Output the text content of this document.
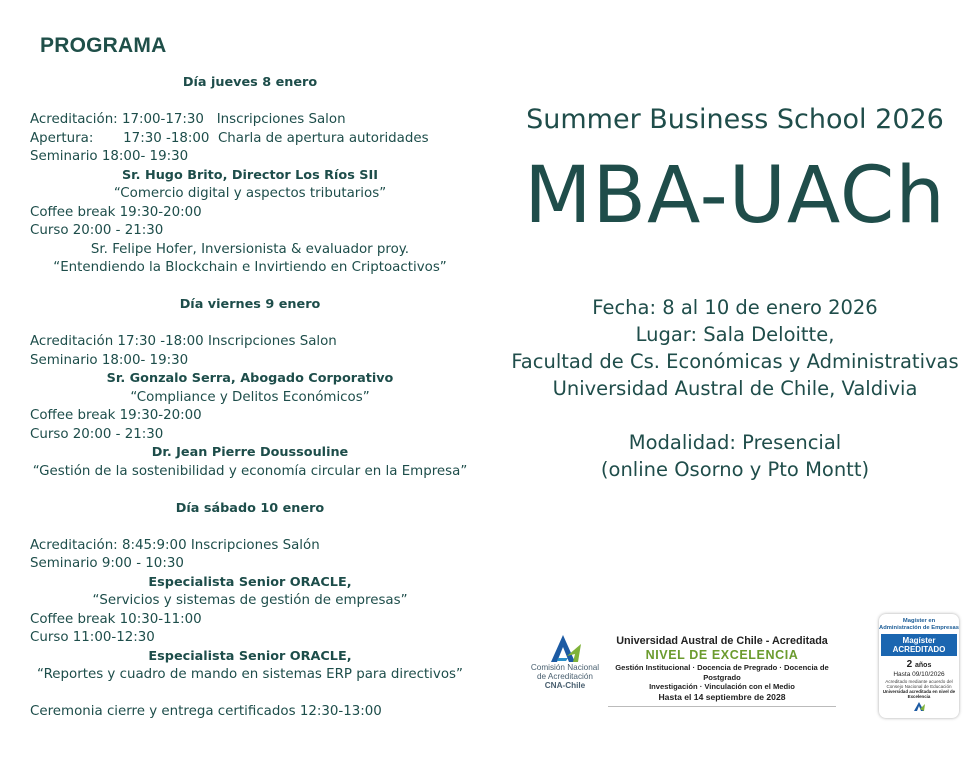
PROGRAMA
Día jueves 8 enero
Acreditación: 17:00-17:30   Inscripciones Salon
Apertura:       17:30 -18:00  Charla de apertura autoridades
Seminario 18:00- 19:30
Sr. Hugo Brito, Director Los Ríos SII
“Comercio digital y aspectos tributarios”
Coffee break 19:30-20:00
Curso 20:00 - 21:30
Sr. Felipe Hofer, Inversionista & evaluador proy.
“Entendiendo la Blockchain e Invirtiendo en Criptoactivos”
Día viernes 9 enero
Acreditación 17:30 -18:00 Inscripciones Salon
Seminario 18:00- 19:30
Sr. Gonzalo Serra, Abogado Corporativo
“Compliance y Delitos Económicos”
Coffee break 19:30-20:00
Curso 20:00 - 21:30
Dr. Jean Pierre Doussouline
“Gestión de la sostenibilidad y economía circular en la Empresa”
Día sábado 10 enero
Acreditación: 8:45:9:00 Inscripciones Salón
Seminario 9:00 - 10:30
Especialista Senior ORACLE,
“Servicios y sistemas de gestión de empresas”
Coffee break 10:30-11:00
Curso 11:00-12:30
Especialista Senior ORACLE,
“Reportes y cuadro de mando en sistemas ERP para directivos”
Ceremonia cierre y entrega certificados 12:30-13:00
Summer Business School 2026
MBA-UACh
Fecha: 8 al 10 de enero 2026
Lugar: Sala Deloitte,
Facultad de Cs. Económicas y Administrativas
Universidad Austral de Chile, Valdivia
Modalidad: Presencial
(online Osorno y Pto Montt)
Comisión Nacional
de Acreditación
CNA-Chile
Universidad Austral de Chile - Acreditada
NIVEL DE EXCELENCIA
Gestión Institucional · Docencia de Pregrado · Docencia de Postgrado
Investigación · Vinculación con el Medio
Hasta el 14 septiembre de 2028
Magíster en
Administración de Empresas
Magíster
ACREDITADO
2 años
Hasta 09/10/2026
Acreditado mediante acuerdo del
Consejo Nacional de Educación
Universidad acreditada en nivel de Excelencia
